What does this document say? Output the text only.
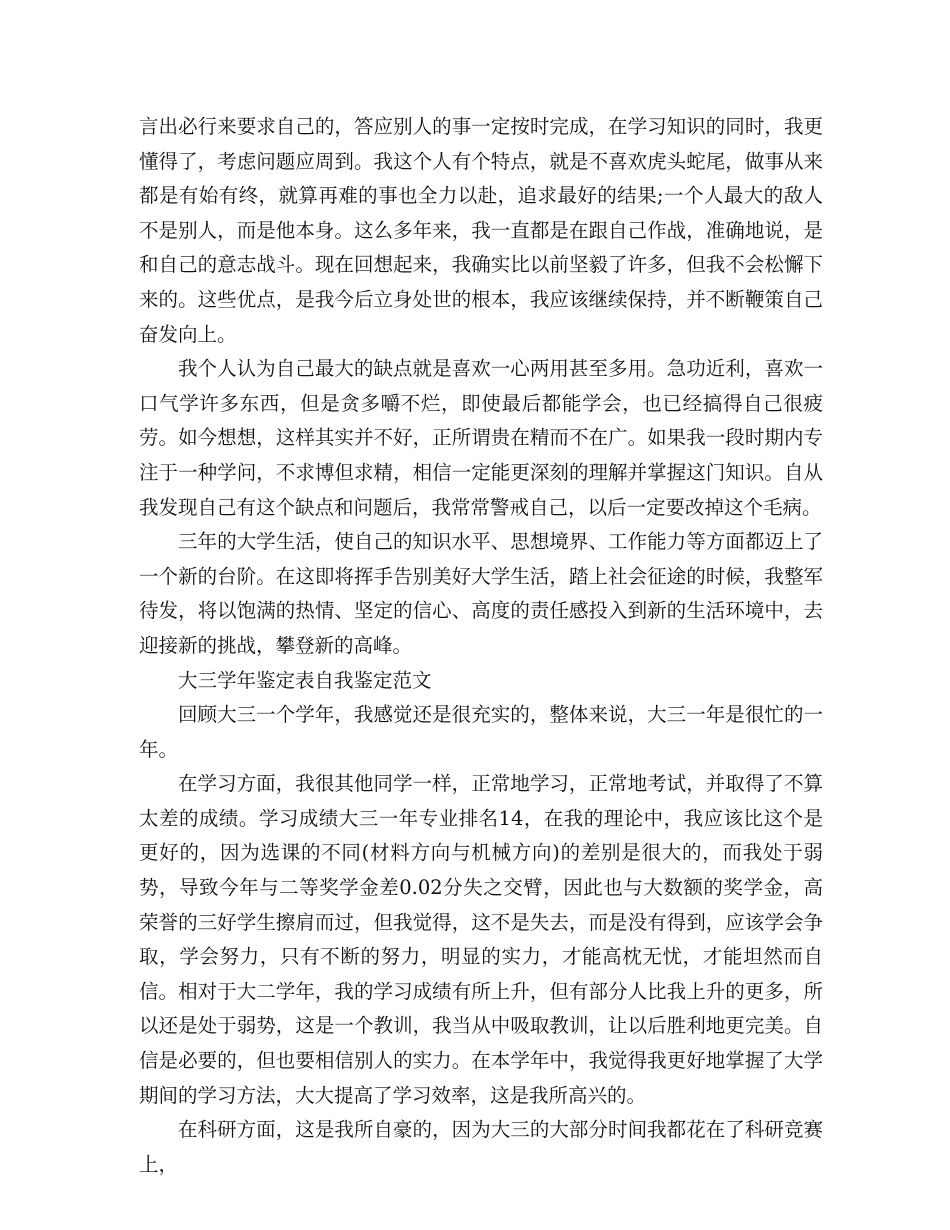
言出必行来要求自己的，答应别人的事一定按时完成，在学习知识的同时，我更懂得了，考虑问题应周到。我这个人有个特点，就是不喜欢虎头蛇尾，做事从来都是有始有终，就算再难的事也全力以赴，追求最好的结果;一个人最大的敌人不是别人，而是他本身。这么多年来，我一直都是在跟自己作战，准确地说，是和自己的意志战斗。现在回想起来，我确实比以前坚毅了许多，但我不会松懈下来的。这些优点，是我今后立身处世的根本，我应该继续保持，并不断鞭策自己奋发向上。

我个人认为自己最大的缺点就是喜欢一心两用甚至多用。急功近利，喜欢一口气学许多东西，但是贪多嚼不烂，即使最后都能学会，也已经搞得自己很疲劳。如今想想，这样其实并不好，正所谓贵在精而不在广。如果我一段时期内专注于一种学问，不求博但求精，相信一定能更深刻的理解并掌握这门知识。自从我发现自己有这个缺点和问题后，我常常警戒自己，以后一定要改掉这个毛病。

三年的大学生活，使自己的知识水平、思想境界、工作能力等方面都迈上了一个新的台阶。在这即将挥手告别美好大学生活，踏上社会征途的时候，我整军待发，将以饱满的热情、坚定的信心、高度的责任感投入到新的生活环境中，去迎接新的挑战，攀登新的高峰。

大三学年鉴定表自我鉴定范文

回顾大三一个学年，我感觉还是很充实的，整体来说，大三一年是很忙的一年。

在学习方面，我很其他同学一样，正常地学习，正常地考试，并取得了不算太差的成绩。学习成绩大三一年专业排名14，在我的理论中，我应该比这个是更好的，因为选课的不同(材料方向与机械方向)的差别是很大的，而我处于弱势，导致今年与二等奖学金差0.02分失之交臂，因此也与大数额的奖学金，高荣誉的三好学生擦肩而过，但我觉得，这不是失去，而是没有得到，应该学会争取，学会努力，只有不断的努力，明显的实力，才能高枕无忧，才能坦然而自信。相对于大二学年，我的学习成绩有所上升，但有部分人比我上升的更多，所以还是处于弱势，这是一个教训，我当从中吸取教训，让以后胜利地更完美。自信是必要的，但也要相信别人的实力。在本学年中，我觉得我更好地掌握了大学期间的学习方法，大大提高了学习效率，这是我所高兴的。

在科研方面，这是我所自豪的，因为大三的大部分时间我都花在了科研竞赛上，
